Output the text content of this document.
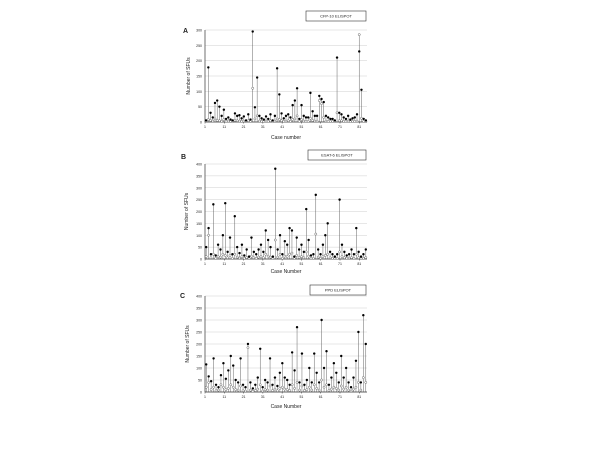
0
50
100
150
200
250
300
1	11	21	31	41	51	61	71	81
A
CFP-10 ELISPOT
Case number
Number of SFUs
0
50
100
150
200
250
300
350
400
1	11	21	31	41	51	61	71	81
B	ESAT-6 ELISPOT
Case Number
Number of SFUs
0
50
100
150
200
250
300
350
400
1	11	21	31	41	51	61	71	81
C
PPD ELISPOT
Case Number
Number of SFUs
